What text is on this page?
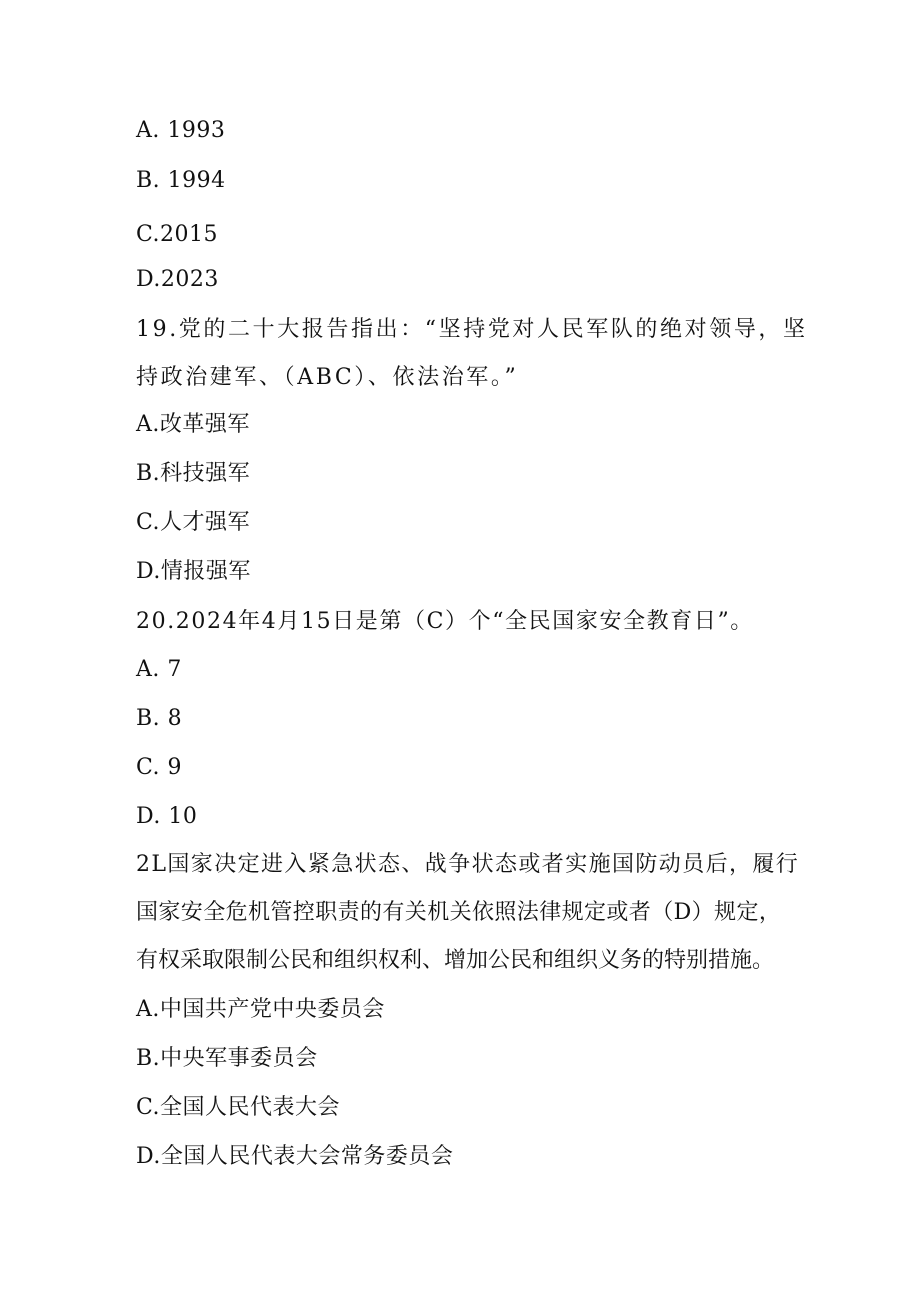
A. 1993
B. 1994
C.2015
D.2023
19.党的二十大报告指出：“坚持党对人民军队的绝对领导，坚
持政治建军、（ABC）、依法治军。”
A.改革强军
B.科技强军
C.人才强军
D.情报强军
20.2024年4月15日是第（C）个“全民国家安全教育日”。
A. 7
B. 8
C. 9
D. 10
2L国家决定进入紧急状态、战争状态或者实施国防动员后，履行
国家安全危机管控职责的有关机关依照法律规定或者（D）规定，
有权采取限制公民和组织权利、增加公民和组织义务的特别措施。
A.中国共产党中央委员会
B.中央军事委员会
C.全国人民代表大会
D.全国人民代表大会常务委员会
